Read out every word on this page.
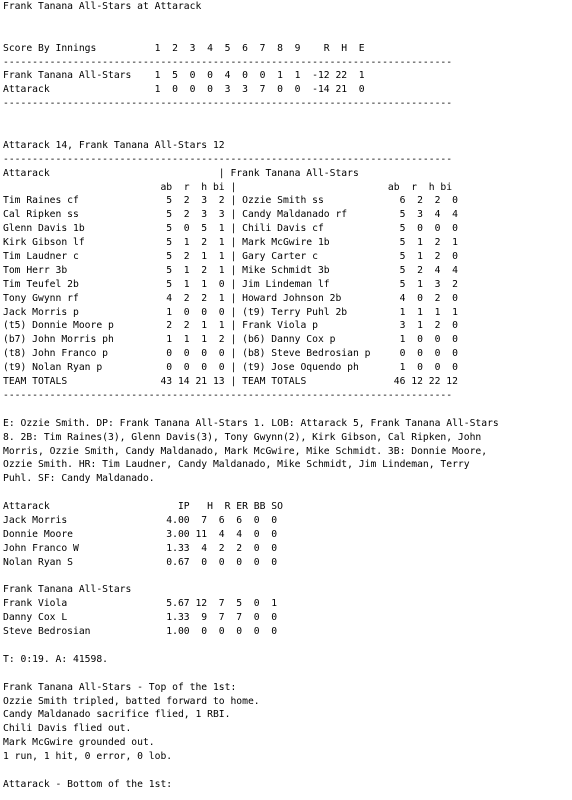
Frank Tanana All-Stars at Attarack
Score By Innings          1  2  3  4  5  6  7  8  9    R  H  E
-----------------------------------------------------------------------------
Frank Tanana All-Stars    1  5  0  0  4  0  0  1  1  -12 22  1
Attarack                  1  0  0  0  3  3  7  0  0  -14 21  0
-----------------------------------------------------------------------------
Attarack 14, Frank Tanana All-Stars 12
-----------------------------------------------------------------------------
Attarack                             | Frank Tanana All-Stars
ab  r  h bi |                          ab  r  h bi
Tim Raines cf               5  2  3  2 | Ozzie Smith ss             6  2  2  0
Cal Ripken ss               5  2  3  3 | Candy Maldanado rf         5  3  4  4
Glenn Davis 1b              5  0  5  1 | Chili Davis cf             5  0  0  0
Kirk Gibson lf              5  1  2  1 | Mark McGwire 1b            5  1  2  1
Tim Laudner c               5  2  1  1 | Gary Carter c              5  1  2  0
Tom Herr 3b                 5  1  2  1 | Mike Schmidt 3b            5  2  4  4
Tim Teufel 2b               5  1  1  0 | Jim Lindeman lf            5  1  3  2
Tony Gwynn rf               4  2  2  1 | Howard Johnson 2b          4  0  2  0
Jack Morris p               1  0  0  0 | (t9) Terry Puhl 2b         1  1  1  1
(t5) Donnie Moore p         2  2  1  1 | Frank Viola p              3  1  2  0
(b7) John Morris ph         1  1  1  2 | (b6) Danny Cox p           1  0  0  0
(t8) John Franco p          0  0  0  0 | (b8) Steve Bedrosian p     0  0  0  0
(t9) Nolan Ryan p           0  0  0  0 | (t9) Jose Oquendo ph       1  0  0  0
TEAM TOTALS                43 14 21 13 | TEAM TOTALS               46 12 22 12
-----------------------------------------------------------------------------
E: Ozzie Smith. DP: Frank Tanana All-Stars 1. LOB: Attarack 5, Frank Tanana All-Stars
8. 2B: Tim Raines(3), Glenn Davis(3), Tony Gwynn(2), Kirk Gibson, Cal Ripken, John
Morris, Ozzie Smith, Candy Maldanado, Mark McGwire, Mike Schmidt. 3B: Donnie Moore,
Ozzie Smith. HR: Tim Laudner, Candy Maldanado, Mike Schmidt, Jim Lindeman, Terry
Puhl. SF: Candy Maldanado.
Attarack                      IP   H  R ER BB SO
Jack Morris                 4.00  7  6  6  0  0
Donnie Moore                3.00 11  4  4  0  0
John Franco W               1.33  4  2  2  0  0
Nolan Ryan S                0.67  0  0  0  0  0
Frank Tanana All-Stars
Frank Viola                 5.67 12  7  5  0  1
Danny Cox L                 1.33  9  7  7  0  0
Steve Bedrosian             1.00  0  0  0  0  0
T: 0:19. A: 41598.
Frank Tanana All-Stars - Top of the 1st:
Ozzie Smith tripled, batted forward to home.
Candy Maldanado sacrifice flied, 1 RBI.
Chili Davis flied out.
Mark McGwire grounded out.
1 run, 1 hit, 0 error, 0 lob.
Attarack - Bottom of the 1st:
